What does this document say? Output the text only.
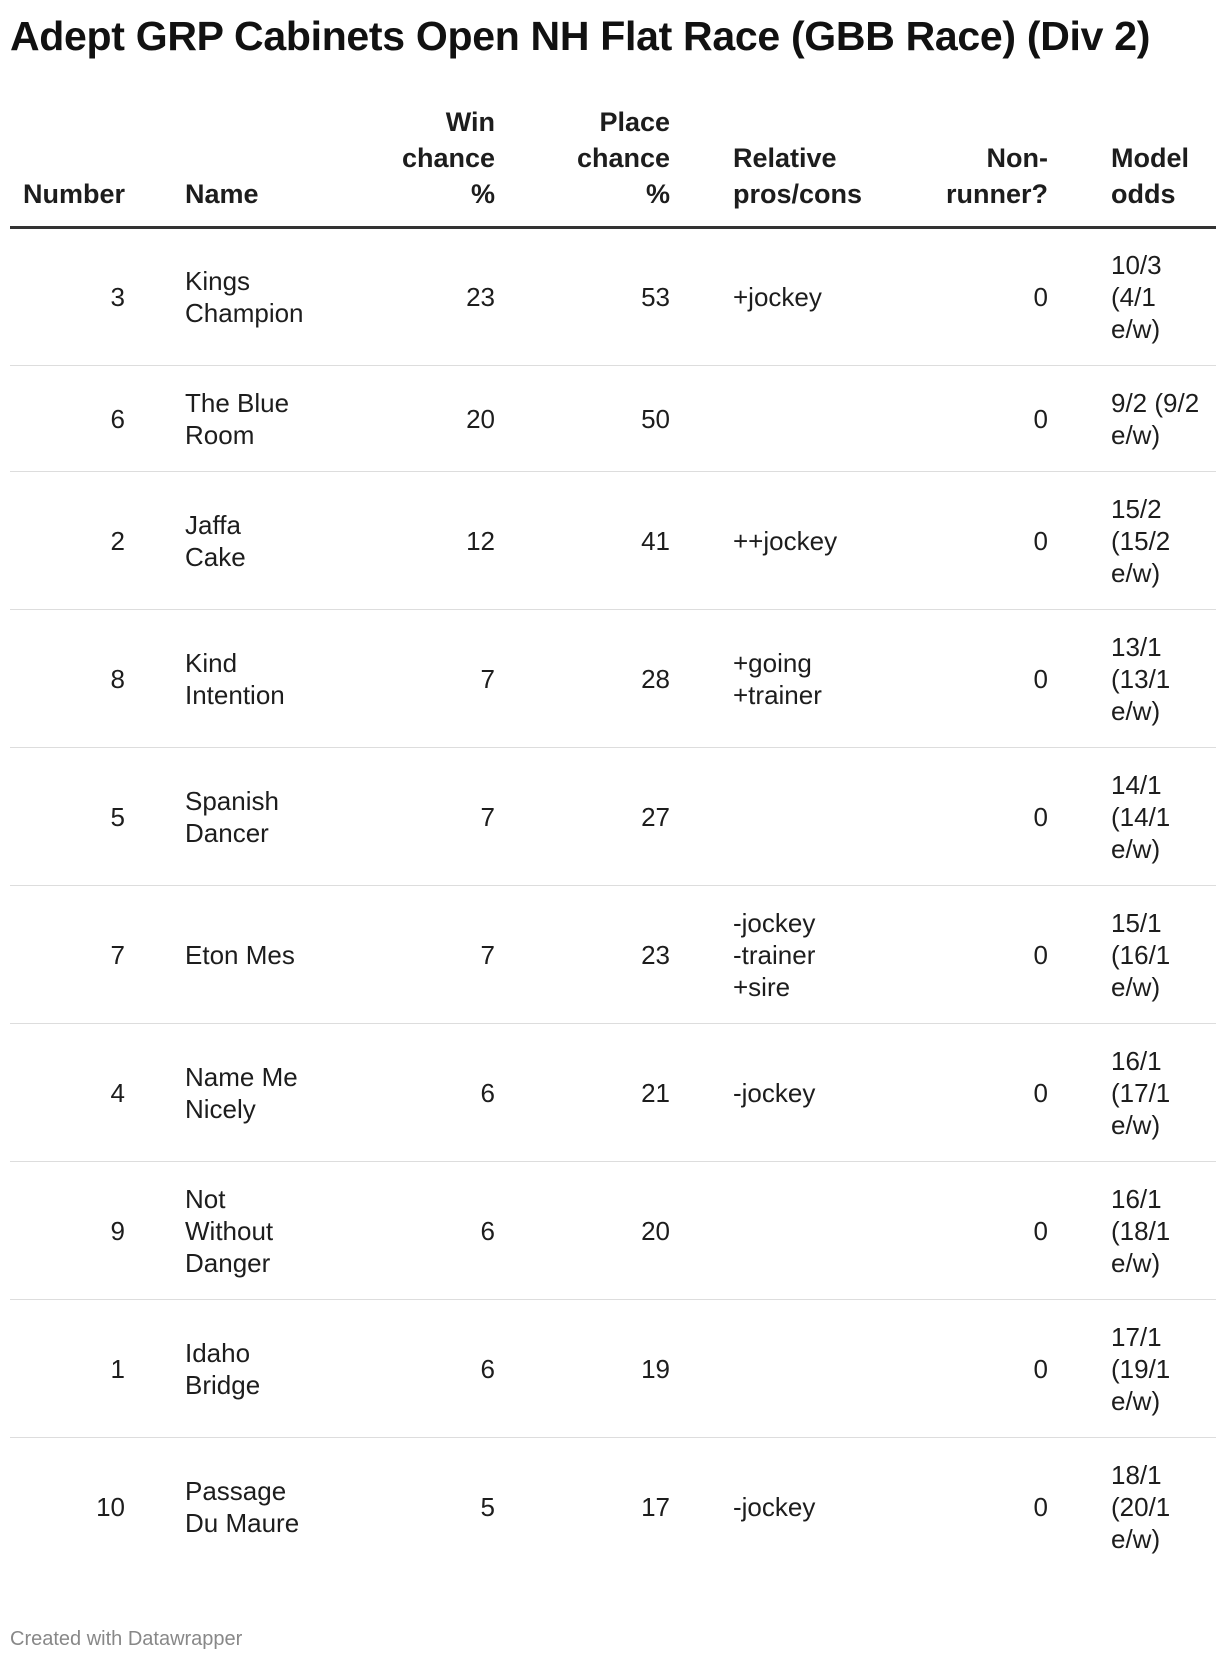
Adept GRP Cabinets Open NH Flat Race (GBB Race) (Div 2)
Number		Name	Win
chance
%	Place
chance
%		Relative
pros/cons	Non-
runner?		Model
odds
3		Kings
Champion	23	53		+jockey	0		10/3
(4/1
e/w)
6		The Blue
Room	20	50			0		9/2 (9/2
e/w)
2		Jaffa
Cake	12	41		++jockey	0		15/2
(15/2
e/w)
8		Kind
Intention	7	28		+going
+trainer	0		13/1
(13/1
e/w)
5		Spanish
Dancer	7	27			0		14/1
(14/1
e/w)
7		Eton Mes	7	23		-jockey
-trainer
+sire	0		15/1
(16/1
e/w)
4		Name Me
Nicely	6	21		-jockey	0		16/1
(17/1
e/w)
9		Not
Without
Danger	6	20			0		16/1
(18/1
e/w)
1		Idaho
Bridge	6	19			0		17/1
(19/1
e/w)
10		Passage
Du Maure	5	17		-jockey	0		18/1
(20/1
e/w)
Created with Datawrapper
